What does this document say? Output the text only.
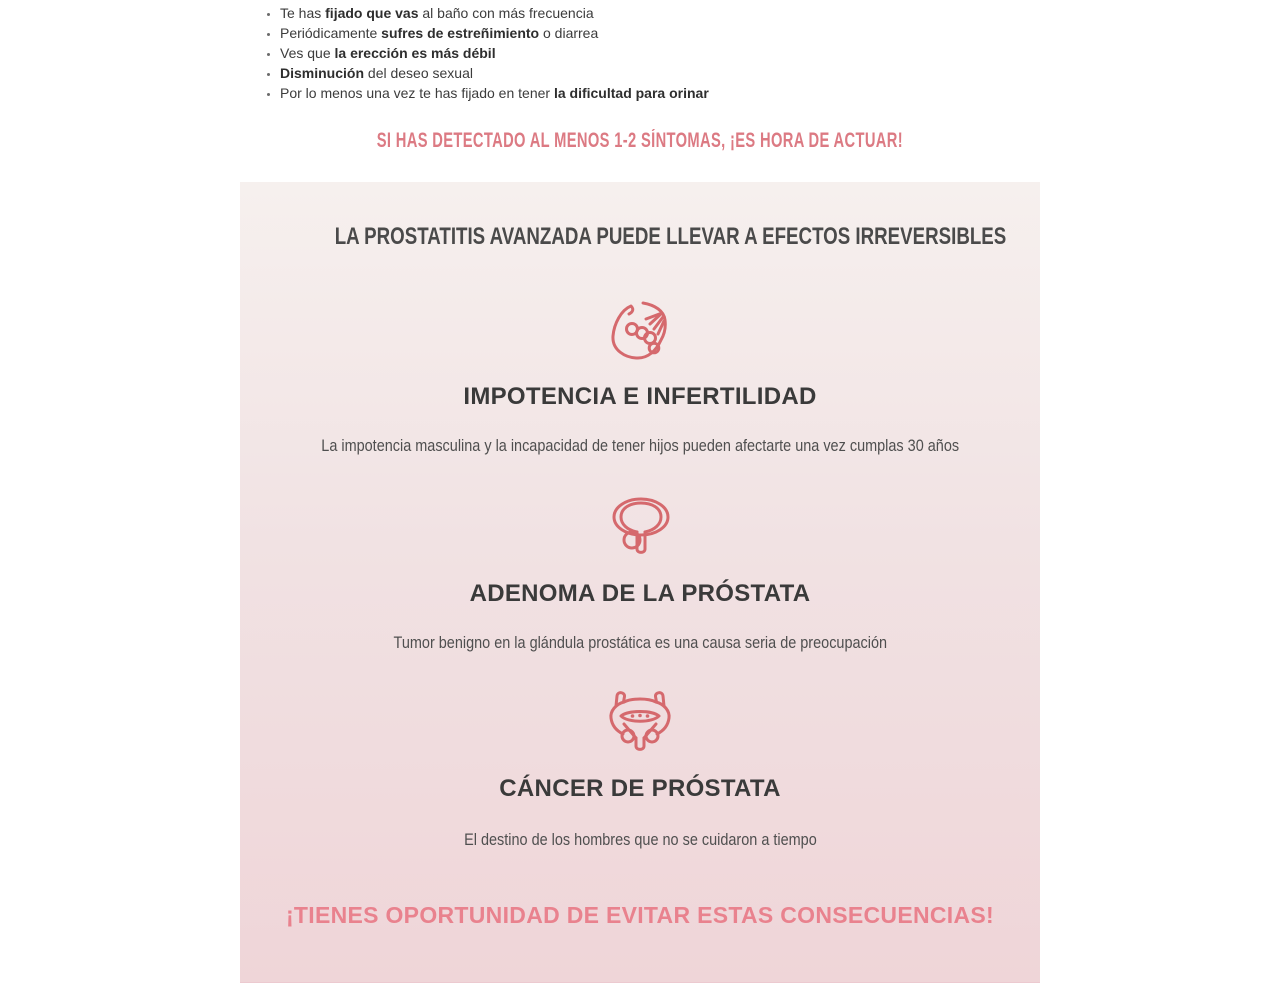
• Te has fijado que vas al baño con más frecuencia
• Periódicamente sufres de estreñimiento o diarrea
• Ves que la erección es más débil
• Disminución del deseo sexual
• Por lo menos una vez te has fijado en tener la dificultad para orinar
SI HAS DETECTADO AL MENOS 1-2 SÍNTOMAS, ¡ES HORA DE ACTUAR!
LA PROSTATITIS AVANZADA PUEDE LLEVAR A EFECTOS IRREVERSIBLES
IMPOTENCIA E INFERTILIDAD
La impotencia masculina y la incapacidad de tener hijos pueden afectarte una vez cumplas 30 años
ADENOMA DE LA PRÓSTATA
Tumor benigno en la glándula prostática es una causa seria de preocupación
CÁNCER DE PRÓSTATA
El destino de los hombres que no se cuidaron a tiempo
¡TIENES OPORTUNIDAD DE EVITAR ESTAS CONSECUENCIAS!
